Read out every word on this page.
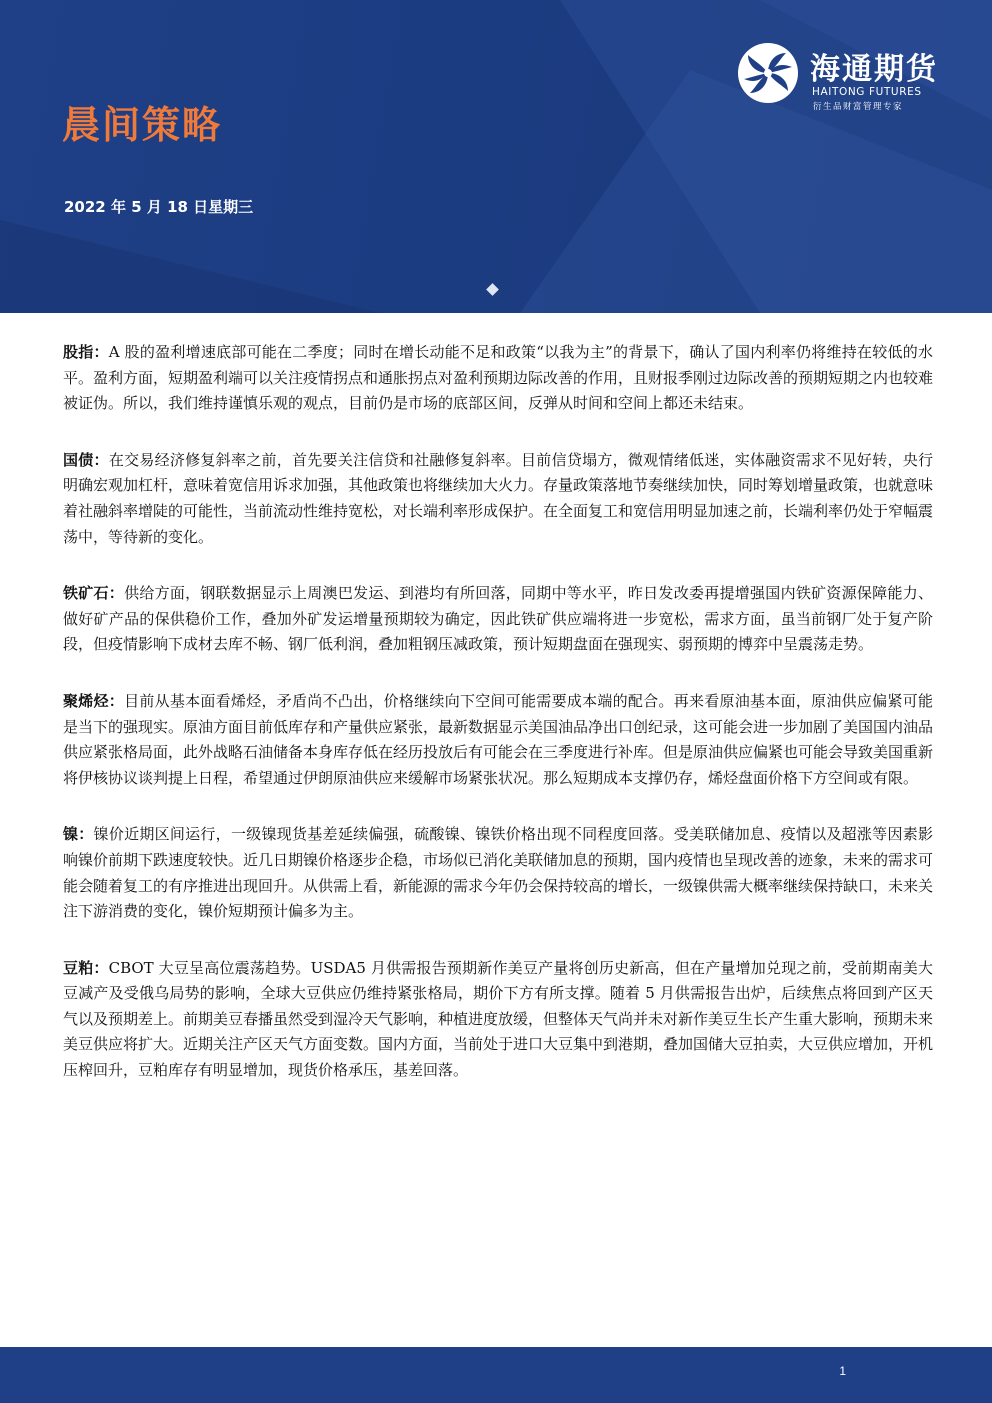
晨间策略
2022 年 5 月 18 日星期三
海通期货
HAITONG FUTURES
衍生品财富管理专家

股指：A 股的盈利增速底部可能在二季度；同时在增长动能不足和政策“以我为主”的背景下，确认了国内利率仍将维持在较低的水平。盈利方面，短期盈利端可以关注疫情拐点和通胀拐点对盈利预期边际改善的作用，且财报季刚过边际改善的预期短期之内也较难被证伪。所以，我们维持谨慎乐观的观点，目前仍是市场的底部区间，反弹从时间和空间上都还未结束。

国债：在交易经济修复斜率之前，首先要关注信贷和社融修复斜率。目前信贷塌方，微观情绪低迷，实体融资需求不见好转，央行明确宏观加杠杆，意味着宽信用诉求加强，其他政策也将继续加大火力。存量政策落地节奏继续加快，同时筹划增量政策，也就意味着社融斜率增陡的可能性，当前流动性维持宽松，对长端利率形成保护。在全面复工和宽信用明显加速之前，长端利率仍处于窄幅震荡中，等待新的变化。

铁矿石：供给方面，钢联数据显示上周澳巴发运、到港均有所回落，同期中等水平，昨日发改委再提增强国内铁矿资源保障能力、做好矿产品的保供稳价工作，叠加外矿发运增量预期较为确定，因此铁矿供应端将进一步宽松，需求方面，虽当前钢厂处于复产阶段，但疫情影响下成材去库不畅、钢厂低利润，叠加粗钢压减政策，预计短期盘面在强现实、弱预期的博弈中呈震荡走势。

聚烯烃：目前从基本面看烯烃，矛盾尚不凸出，价格继续向下空间可能需要成本端的配合。再来看原油基本面，原油供应偏紧可能是当下的强现实。原油方面目前低库存和产量供应紧张，最新数据显示美国油品净出口创纪录，这可能会进一步加剧了美国国内油品供应紧张格局面，此外战略石油储备本身库存低在经历投放后有可能会在三季度进行补库。但是原油供应偏紧也可能会导致美国重新将伊核协议谈判提上日程，希望通过伊朗原油供应来缓解市场紧张状况。那么短期成本支撑仍存，烯烃盘面价格下方空间或有限。

镍：镍价近期区间运行，一级镍现货基差延续偏强，硫酸镍、镍铁价格出现不同程度回落。受美联储加息、疫情以及超涨等因素影响镍价前期下跌速度较快。近几日期镍价格逐步企稳，市场似已消化美联储加息的预期，国内疫情也呈现改善的迹象，未来的需求可能会随着复工的有序推进出现回升。从供需上看，新能源的需求今年仍会保持较高的增长，一级镍供需大概率继续保持缺口，未来关注下游消费的变化，镍价短期预计偏多为主。

豆粕：CBOT 大豆呈高位震荡趋势。USDA5 月供需报告预期新作美豆产量将创历史新高，但在产量增加兑现之前，受前期南美大豆减产及受俄乌局势的影响，全球大豆供应仍维持紧张格局，期价下方有所支撑。随着 5 月供需报告出炉，后续焦点将回到产区天气以及预期差上。前期美豆春播虽然受到湿冷天气影响，种植进度放缓，但整体天气尚并未对新作美豆生长产生重大影响，预期未来美豆供应将扩大。近期关注产区天气方面变数。国内方面，当前处于进口大豆集中到港期，叠加国储大豆拍卖，大豆供应增加，开机压榨回升，豆粕库存有明显增加，现货价格承压，基差回落。

1
